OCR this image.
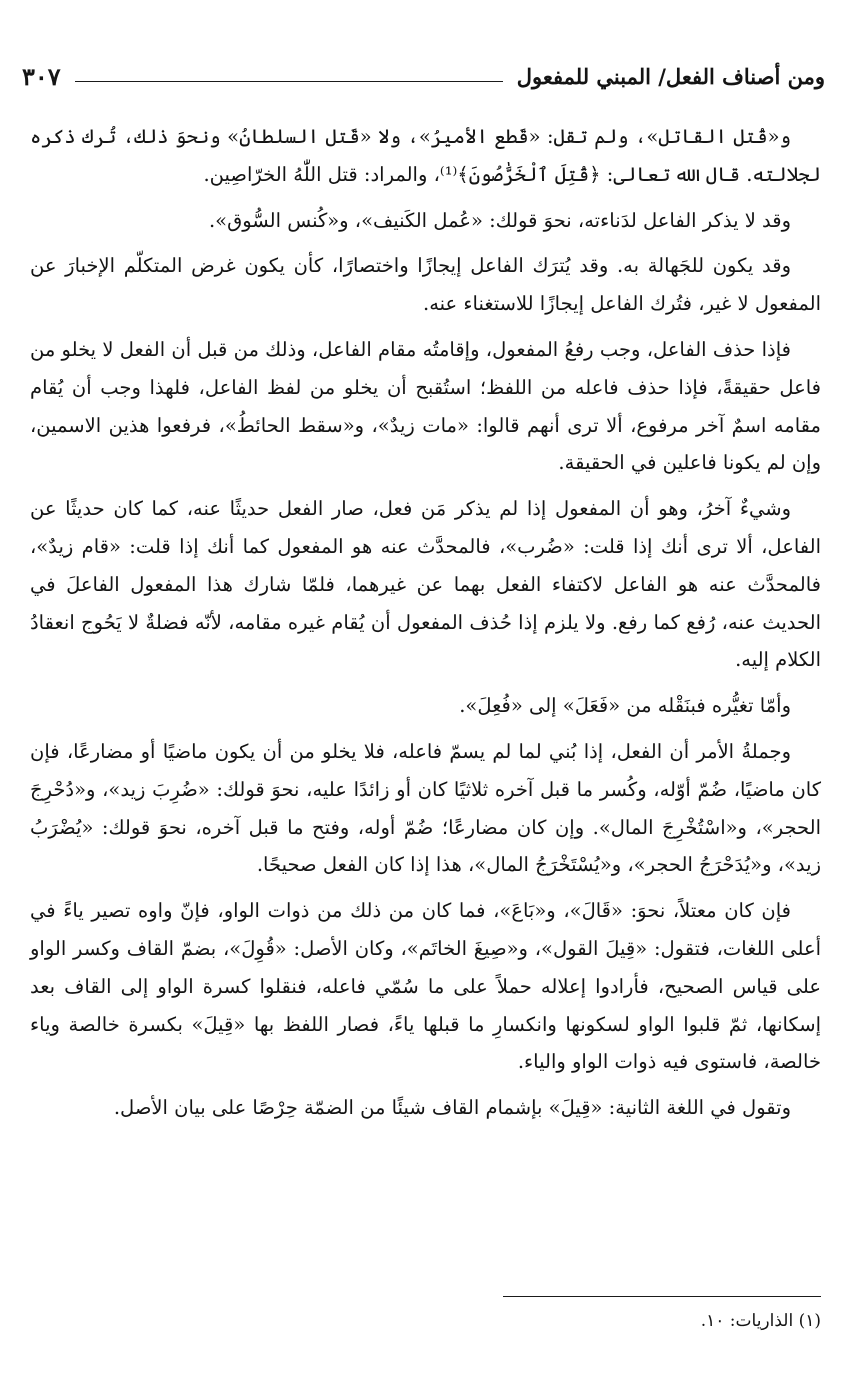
ومن أصناف الفعل/ المبني للمفعول
٣٠٧

و«قُتل القاتل»، ولم تقل: «قَطع الأميرُ»، ولا «قَتل السلطانُ» ونحوَ ذلك، تُرك ذكره لجلالته. قال الله تعالى: ﴿قُتِلَ ٱلْخَرَّٰصُونَ﴾⁽¹⁾، والمراد: قتل اللّٰهُ الخرّاصِين.

وقد لا يذكر الفاعل لدَناءته، نحوَ قولك: «عُمل الكَنيف»، و«كُنس السُّوق».

وقد يكون للجَهالة به. وقد يُترَك الفاعل إيجازًا واختصارًا، كأن يكون غرض المتكلّم الإخبارَ عن المفعول لا غير، فتُرك الفاعل إيجازًا للاستغناء عنه.

فإذا حذف الفاعل، وجب رفعُ المفعول، وإقامتُه مقام الفاعل، وذلك من قبل أن الفعل لا يخلو من فاعل حقيقةً، فإذا حذف فاعله من اللفظ؛ استُقبح أن يخلو من لفظ الفاعل، فلهذا وجب أن يُقام مقامه اسمٌ آخر مرفوع، ألا ترى أنهم قالوا: «مات زيدٌ»، و«سقط الحائطُ»، فرفعوا هذين الاسمين، وإن لم يكونا فاعلين في الحقيقة.

وشيءٌ آخرُ، وهو أن المفعول إذا لم يذكر مَن فعل، صار الفعل حديثًا عنه، كما كان حديثًا عن الفاعل، ألا ترى أنك إذا قلت: «ضُرب»، فالمحدَّث عنه هو المفعول كما أنك إذا قلت: «قام زيدٌ»، فالمحدَّث عنه هو الفاعل لاكتفاء الفعل بهما عن غيرهما، فلمّا شارك هذا المفعول الفاعلَ في الحديث عنه، رُفع كما رفع. ولا يلزم إذا حُذف المفعول أن يُقام غيره مقامه، لأنّه فضلةٌ لا يَحُوج انعقادُ الكلام إليه.

وأمّا تغيُّره فبنَقْله من «فَعَلَ» إلى «فُعِلَ».

وجملةُ الأمر أن الفعل، إذا بُني لما لم يسمّ فاعله، فلا يخلو من أن يكون ماضيًا أو مضارعًا، فإن كان ماضيًا، ضُمّ أوّله، وكُسر ما قبل آخره ثلاثيًا كان أو زائدًا عليه، نحوَ قولك: «ضُرِبَ زيد»، و«دُحْرِجَ الحجر»، و«اسْتُخْرِجَ المال». وإن كان مضارعًا؛ ضُمّ أوله، وفتح ما قبل آخره، نحوَ قولك: «يُضْرَبُ زيد»، و«يُدَحْرَجُ الحجر»، و«يُسْتَخْرَجُ المال»، هذا إذا كان الفعل صحيحًا.

فإن كان معتلاً، نحوَ: «قَالَ»، و«بَاعَ»، فما كان من ذلك من ذوات الواو، فإنّ واوه تصير ياءً في أعلى اللغات، فتقول: «قِيلَ القول»، و«صِيغَ الخاتَم»، وكان الأصل: «قُوِلَ»، بضمّ القاف وكسر الواو على قياس الصحيح، فأرادوا إعلاله حملاً على ما سُمّي فاعله، فنقلوا كسرة الواو إلى القاف بعد إسكانها، ثمّ قلبوا الواو لسكونها وانكسارِ ما قبلها ياءً، فصار اللفظ بها «قِيلَ» بكسرة خالصة وياء خالصة، فاستوى فيه ذوات الواو والياء.

وتقول في اللغة الثانية: «قِيلَ» بإشمام القاف شيئًا من الضمّة حِرْصًا على بيان الأصل.

(١) الذاريات: ١٠.
